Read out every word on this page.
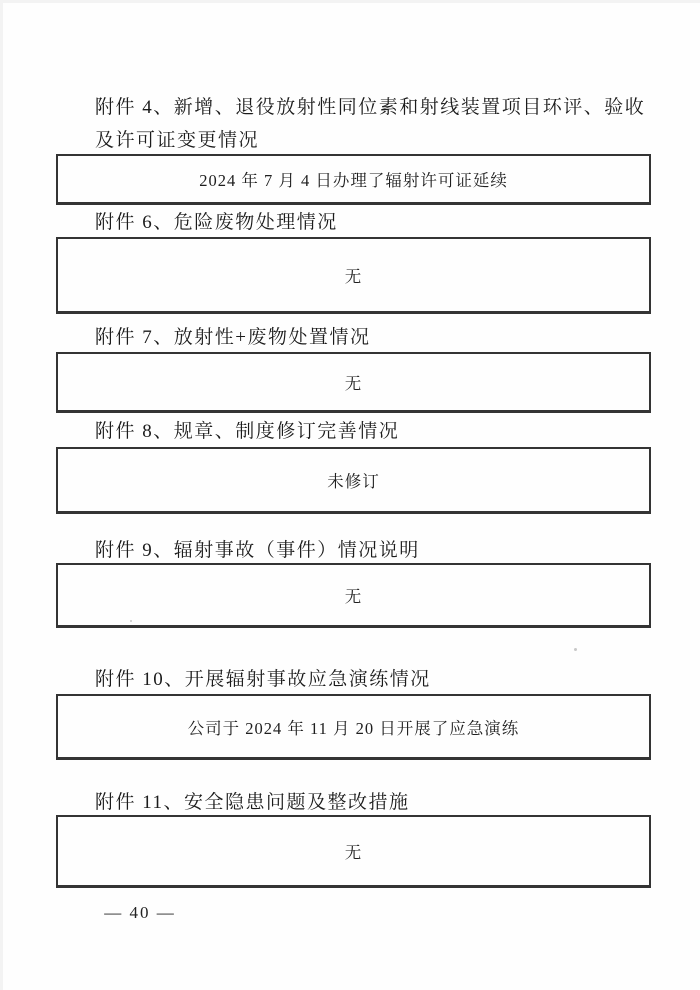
附件 4、新增、退役放射性同位素和射线装置项目环评、验收
及许可证变更情况
2024 年 7 月 4 日办理了辐射许可证延续
附件 6、危险废物处理情况
无
附件 7、放射性+废物处置情况
无
附件 8、规章、制度修订完善情况
未修订
附件 9、辐射事故（事件）情况说明
无
附件 10、开展辐射事故应急演练情况
公司于 2024 年 11 月 20 日开展了应急演练
附件 11、安全隐患问题及整改措施
无
— 40 —
